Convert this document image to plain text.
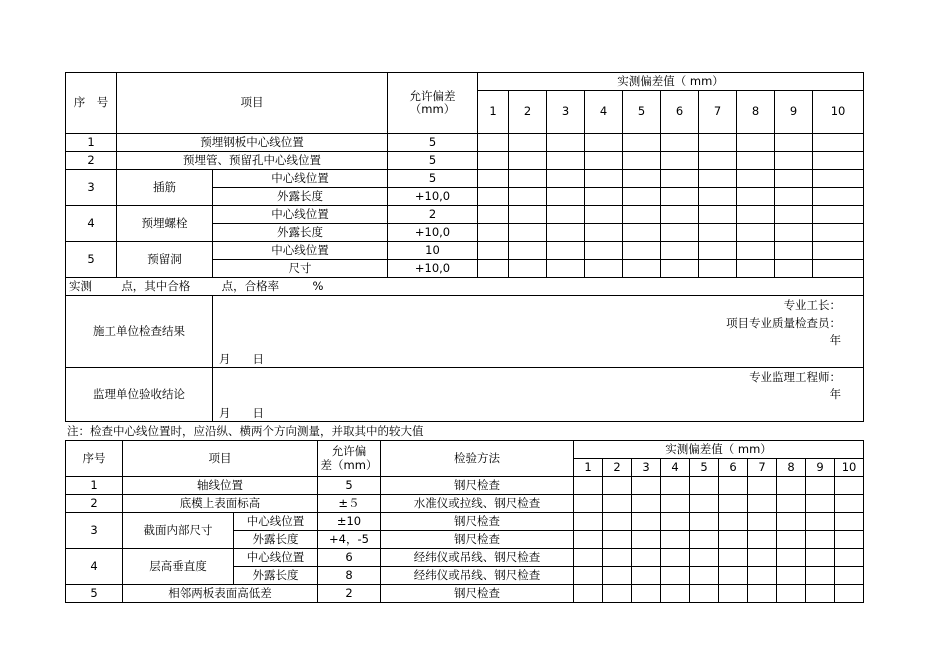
序　号	项目		允许偏差
（mm）	实测偏差值（ mm）									
				1	2	3	4	5	6	7	8	9	10
1	预埋钢板中心线位置		5										
2	预埋管、预留孔中心线位置		5										
3	插筋	中心线位置	5										
		外露长度	+10,0										
4	预埋螺栓	中心线位置	2										
		外露长度	+10,0										
5	预留洞	中心线位置	10										
		尺寸	+10,0										
实测 点，其中合格 点，合格率 %													
施工单位检查结果		专业工长：
项目专业质量检查员：
年
月 日											

监理单位验收结论		专业监理工程师：
年
月 日											
注：检查中心线位置时，应沿纵、横两个方向测量，并取其中的较大值
序号	项目		允许偏
差（mm）	检验方法	实测偏差值（ mm）									
					1	2	3	4	5	6	7	8	9	10
1	轴线位置		5	钢尺检查										
2	底模上表面标高		±５	水准仪或拉线、钢尺检查										
3	截面内部尺寸	中心线位置	±10	钢尺检查										
		外露长度	+4，-5	钢尺检查										
4	层高垂直度	中心线位置	6	经纬仪或吊线、钢尺检查										
		外露长度	8	经纬仪或吊线、钢尺检查										
5	相邻两板表面高低差		2	钢尺检查										
